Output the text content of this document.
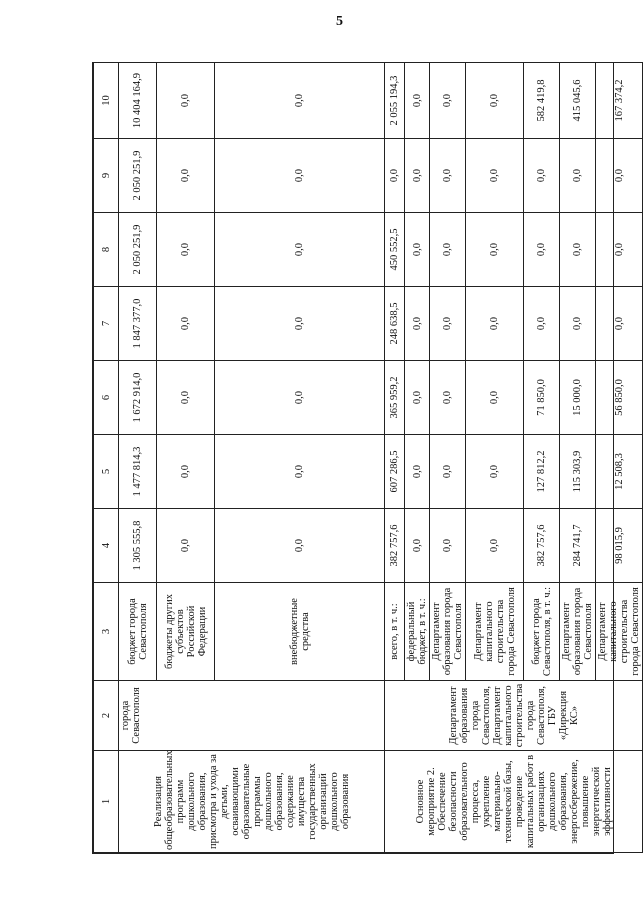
5
1	2	3	4	5	6	7	8	9	10
Реализация общеобразовательных программ дошкольного образования, присмотра и ухода за детьми, осваивающими образовательные программы дошкольного образования, содержание имущества государственных организаций дошкольного образования	города Севастополя	бюджет города Севастополя	1 305 555,8	1 477 814,3	1 672 914,0	1 847 377,0	2 050 251,9	2 050 251,9	10 404 164,9
		бюджеты других субъектов Российской Федерации	0,0	0,0	0,0	0,0	0,0	0,0	0,0
		внебюджетные средства	0,0	0,0	0,0	0,0	0,0	0,0	0,0
Основное мероприятие 2. Обеспечение безопасности образовательного процесса, укрепление материально-технической базы, проведение капитальных работ в организациях дошкольного образования, энергосбережение, повышение энергетической эффективности	Департамент образования города Севастополя, Департамент капитального строительства города Севастополя, ГБУ «Дирекция КС»	всего, в т. ч.:	382 757,6	607 286,5	365 959,2	248 638,5	450 552,5	0,0	2 055 194,3
		федеральный бюджет, в т. ч.:	0,0	0,0	0,0	0,0	0,0	0,0	0,0
		Департамент образования города Севастополя	0,0	0,0	0,0	0,0	0,0	0,0	0,0
		Департамент капитального строительства города Севастополя	0,0	0,0	0,0	0,0	0,0	0,0	0,0
		бюджет города Севастополя, в т. ч.:	382 757,6	127 812,2	71 850,0	0,0	0,0	0,0	582 419,8
		Департамент образования города Севастополя	284 741,7	115 303,9	15 000,0	0,0	0,0	0,0	415 045,6
		Департамент капитального строительства города Севастополя	98 015,9	12 508,3	56 850,0	0,0	0,0	0,0	167 374,2
